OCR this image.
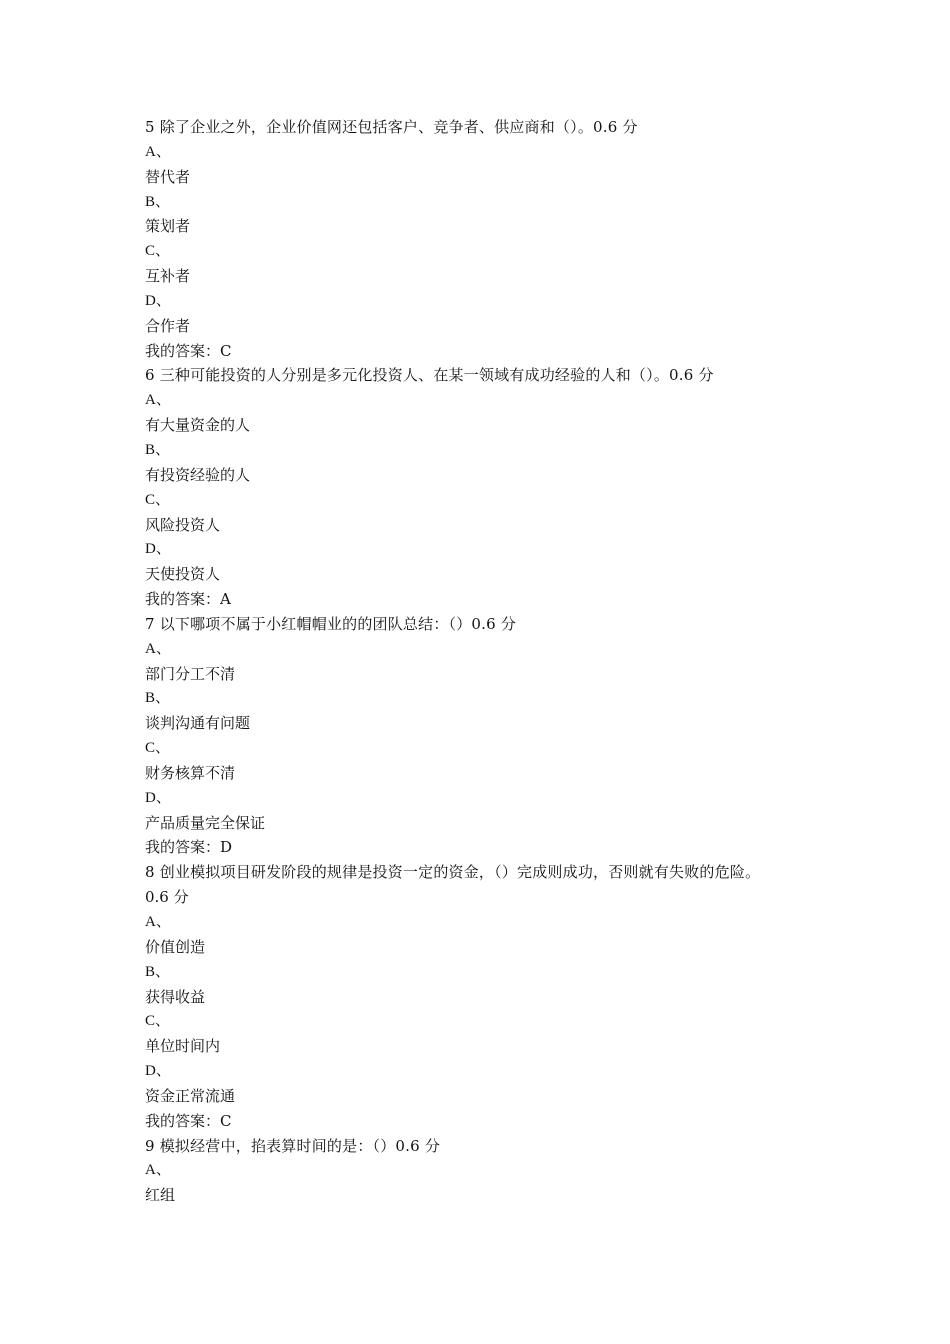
5 除了企业之外，企业价值网还包括客户、竞争者、供应商和（）。0.6 分
A、
替代者
B、
策划者
C、
互补者
D、
合作者
我的答案：C
6 三种可能投资的人分别是多元化投资人、在某一领域有成功经验的人和（）。0.6 分
A、
有大量资金的人
B、
有投资经验的人
C、
风险投资人
D、
天使投资人
我的答案：A
7 以下哪项不属于小红帽帽业的的团队总结：（）0.6 分
A、
部门分工不清
B、
谈判沟通有问题
C、
财务核算不清
D、
产品质量完全保证
我的答案：D
8 创业模拟项目研发阶段的规律是投资一定的资金，（）完成则成功，否则就有失败的危险。
0.6 分
A、
价值创造
B、
获得收益
C、
单位时间内
D、
资金正常流通
我的答案：C
9 模拟经营中，掐表算时间的是：（）0.6 分
A、
红组
